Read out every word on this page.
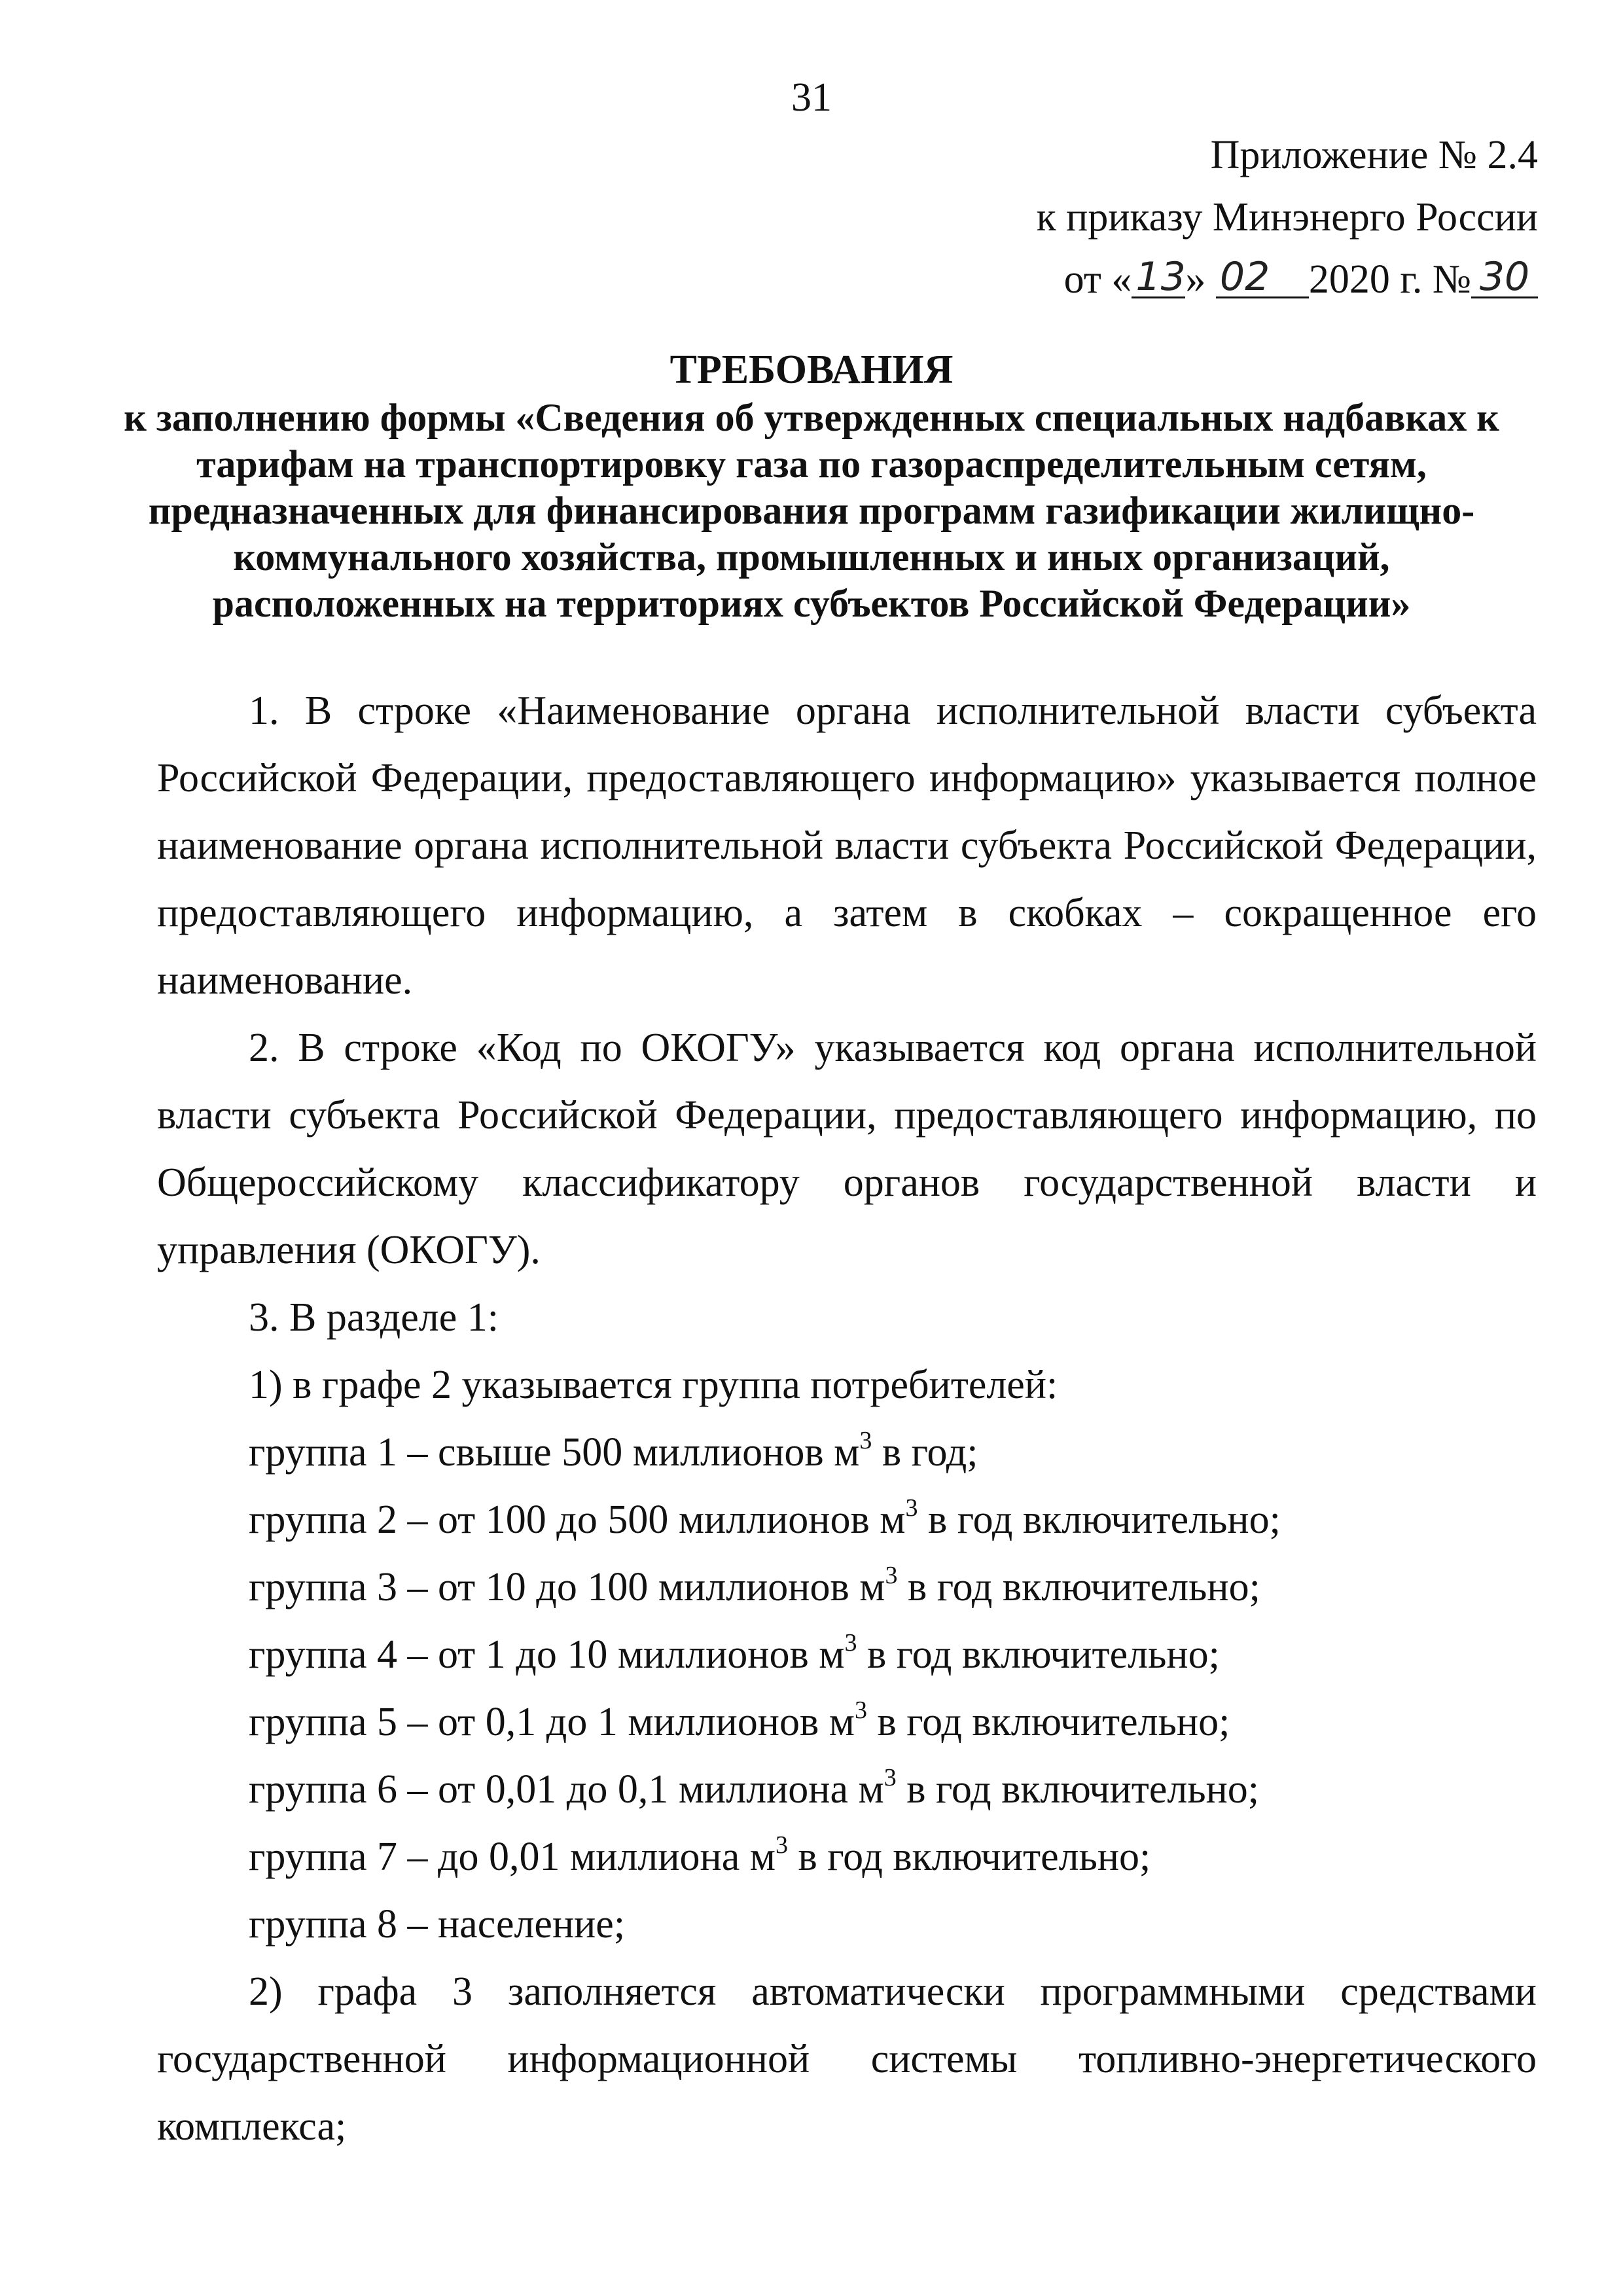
31
Приложение № 2.4
к приказу Минэнерго России
от « 13» 02 2020 г. № 30
ТРЕБОВАНИЯ
к заполнению формы «Сведения об утвержденных специальных надбавках к
тарифам на транспортировку газа по газораспределительным сетям,
предназначенных для финансирования программ газификации жилищно-
коммунального хозяйства, промышленных и иных организаций,
расположенных на территориях субъектов Российской Федерации»

1. В строке «Наименование органа исполнительной власти субъекта Российской Федерации, предоставляющего информацию» указывается полное наименование органа исполнительной власти субъекта Российской Федерации, предоставляющего информацию, а затем в скобках – сокращенное его наименование.

2. В строке «Код по ОКОГУ» указывается код органа исполнительной власти субъекта Российской Федерации, предоставляющего информацию, по Общероссийскому классификатору органов государственной власти и управления (ОКОГУ).

3. В разделе 1:

1) в графе 2 указывается группа потребителей:

группа 1 – свыше 500 миллионов $м^3$ в год;

группа 2 – от 100 до 500 миллионов $м^3$ в год включительно;

группа 3 – от 10 до 100 миллионов $м^3$ в год включительно;

группа 4 – от 1 до 10 миллионов $м^3$ в год включительно;

группа 5 – от 0,1 до 1 миллионов $м^3$ в год включительно;

группа 6 – от 0,01 до 0,1 миллиона $м^3$ в год включительно;

группа 7 – до 0,01 миллиона $м^3$ в год включительно;

группа 8 – население;

2) графа 3 заполняется автоматически программными средствами государственной информационной системы топливно-энергетического комплекса;
